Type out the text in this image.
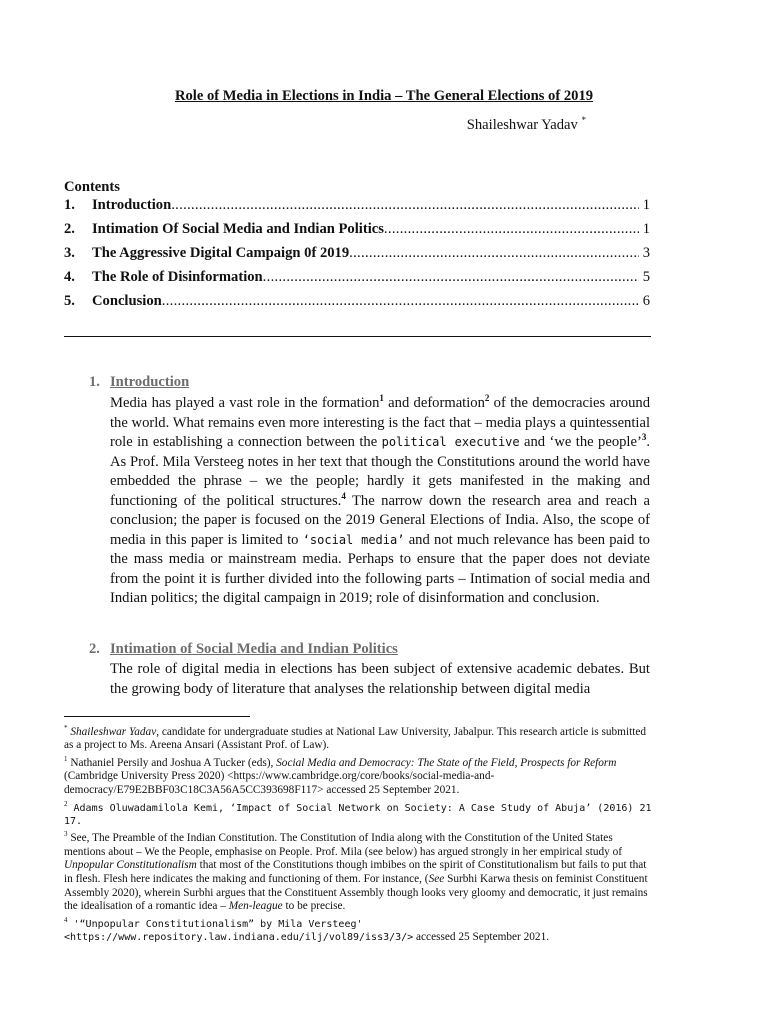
Role of Media in Elections in India – The General Elections of 2019
Shaileshwar Yadav *
Contents
1.	Introduction .....	1
2.	Intimation Of Social Media and Indian Politics .....	1
3.	The Aggressive Digital Campaign 0f 2019 .....	3
4.	The Role of Disinformation .....	5
5.	Conclusion .....	6
1. Introduction
Media has played a vast role in the formation$^1$ and deformation$^2$ of the democracies around the world. What remains even more interesting is the fact that – media plays a quintessential role in establishing a connection between the political executive and ‘we the people’$^3$. As Prof. Mila Versteeg notes in her text that though the Constitutions around the world have embedded the phrase – we the people; hardly it gets manifested in the making and functioning of the political structures.$^4$ The narrow down the research area and reach a conclusion; the paper is focused on the 2019 General Elections of India. Also, the scope of media in this paper is limited to ‘social media’ and not much relevance has been paid to the mass media or mainstream media. Perhaps to ensure that the paper does not deviate from the point it is further divided into the following parts – Intimation of social media and Indian politics; the digital campaign in 2019; role of disinformation and conclusion.
2. Intimation of Social Media and Indian Politics
The role of digital media in elections has been subject of extensive academic debates. But the growing body of literature that analyses the relationship between digital media

* Shaileshwar Yadav, candidate for undergraduate studies at National Law University, Jabalpur. This research article is submitted as a project to Ms. Areena Ansari (Assistant Prof. of Law).

$^1$ Nathaniel Persily and Joshua A Tucker (eds), Social Media and Democracy: The State of the Field, Prospects for Reform (Cambridge University Press 2020) <https://www.cambridge.org/core/books/social-media-and-democracy/E79E2BBF03C18C3A56A5CC393698F117> accessed 25 September 2021.

$^2$ Adams Oluwadamilola Kemi, ‘Impact of Social Network on Society: A Case Study of Abuja’ (2016) 21 17.

$^3$ See, The Preamble of the Indian Constitution. The Constitution of India along with the Constitution of the United States mentions about – We the People, emphasise on People. Prof. Mila (see below) has argued strongly in her empirical study of Unpopular Constitutionalism that most of the Constitutions though imbibes on the spirit of Constitutionalism but fails to put that in flesh. Flesh here indicates the making and functioning of them. For instance, (See Surbhi Karwa thesis on feminist Constituent Assembly 2020), wherein Surbhi argues that the Constituent Assembly though looks very gloomy and democratic, it just remains the idealisation of a romantic idea – Men-league to be precise.

$^4$ '“Unpopular Constitutionalism” by Mila Versteeg' <https://www.repository.law.indiana.edu/ilj/vol89/iss3/3/> accessed 25 September 2021.
